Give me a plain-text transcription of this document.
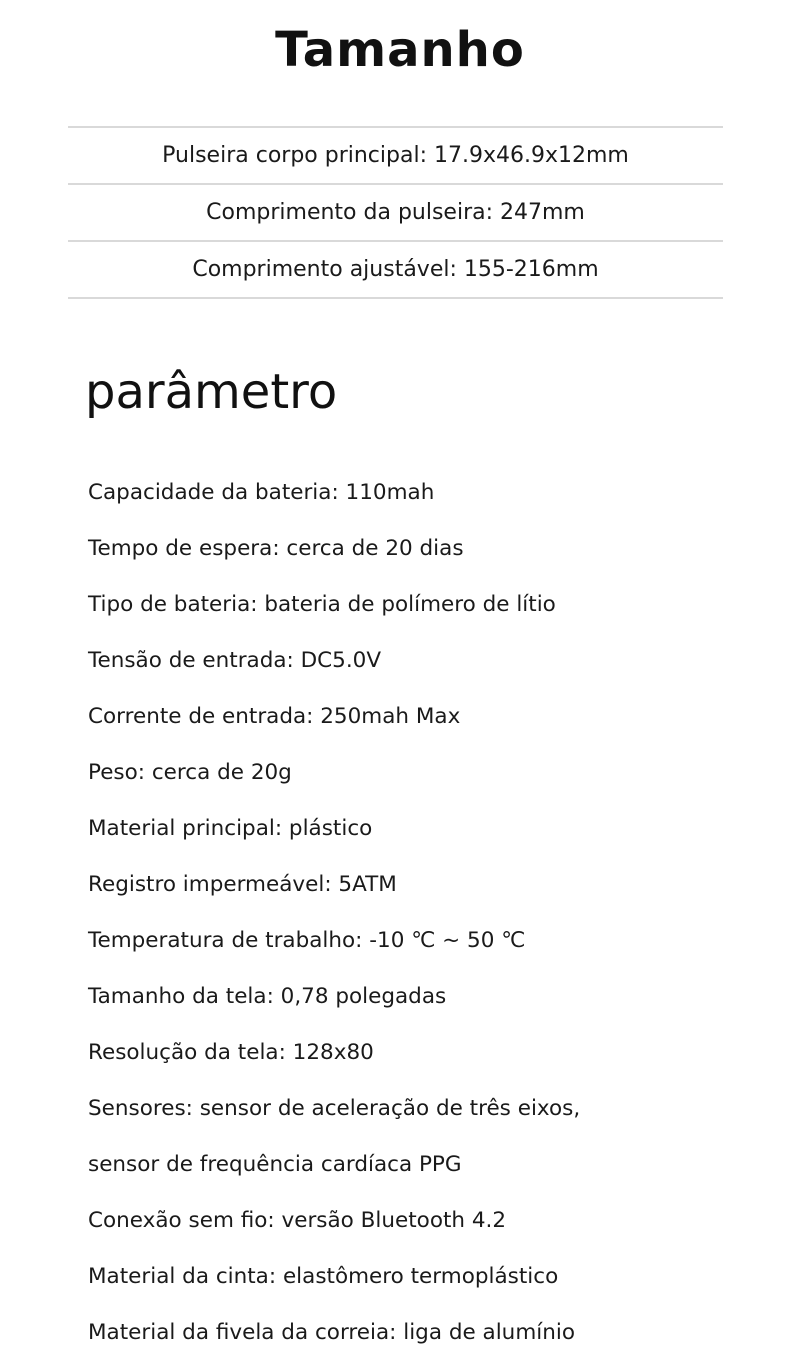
Tamanho
Pulseira corpo principal: 17.9x46.9x12mm
Comprimento da pulseira: 247mm
Comprimento ajustável: 155-216mm
parâmetro
Capacidade da bateria: 110mah
Tempo de espera: cerca de 20 dias
Tipo de bateria: bateria de polímero de lítio
Tensão de entrada: DC5.0V
Corrente de entrada: 250mah Max
Peso: cerca de 20g
Material principal: plástico
Registro impermeável: 5ATM
Temperatura de trabalho: -10 ℃ ~ 50 ℃
Tamanho da tela: 0,78 polegadas
Resolução da tela: 128x80
Sensores: sensor de aceleração de três eixos,
sensor de frequência cardíaca PPG
Conexão sem fio: versão Bluetooth 4.2
Material da cinta: elastômero termoplástico
Material da fivela da correia: liga de alumínio
